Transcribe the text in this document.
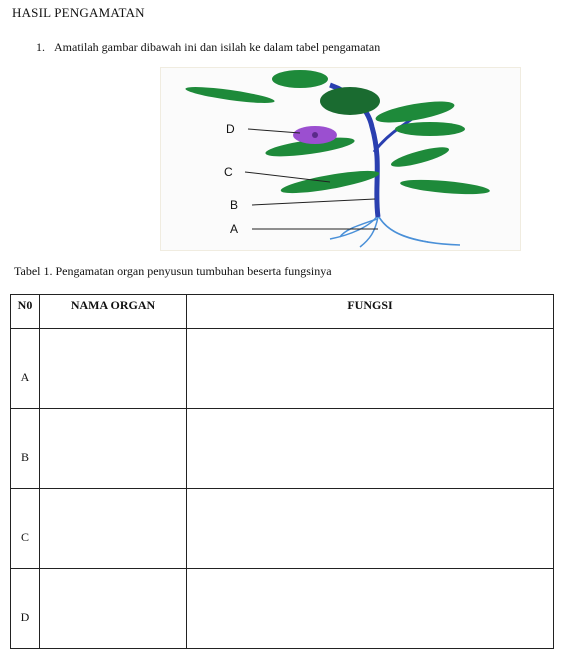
HASIL PENGAMATAN
1. Amatilah gambar dibawah ini dan isilah ke dalam tabel pengamatan
D
C
B
A
Tabel 1. Pengamatan organ penyusun tumbuhan beserta fungsinya
N0	NAMA ORGAN	FUNGSI
A		
B		
C		
D		
